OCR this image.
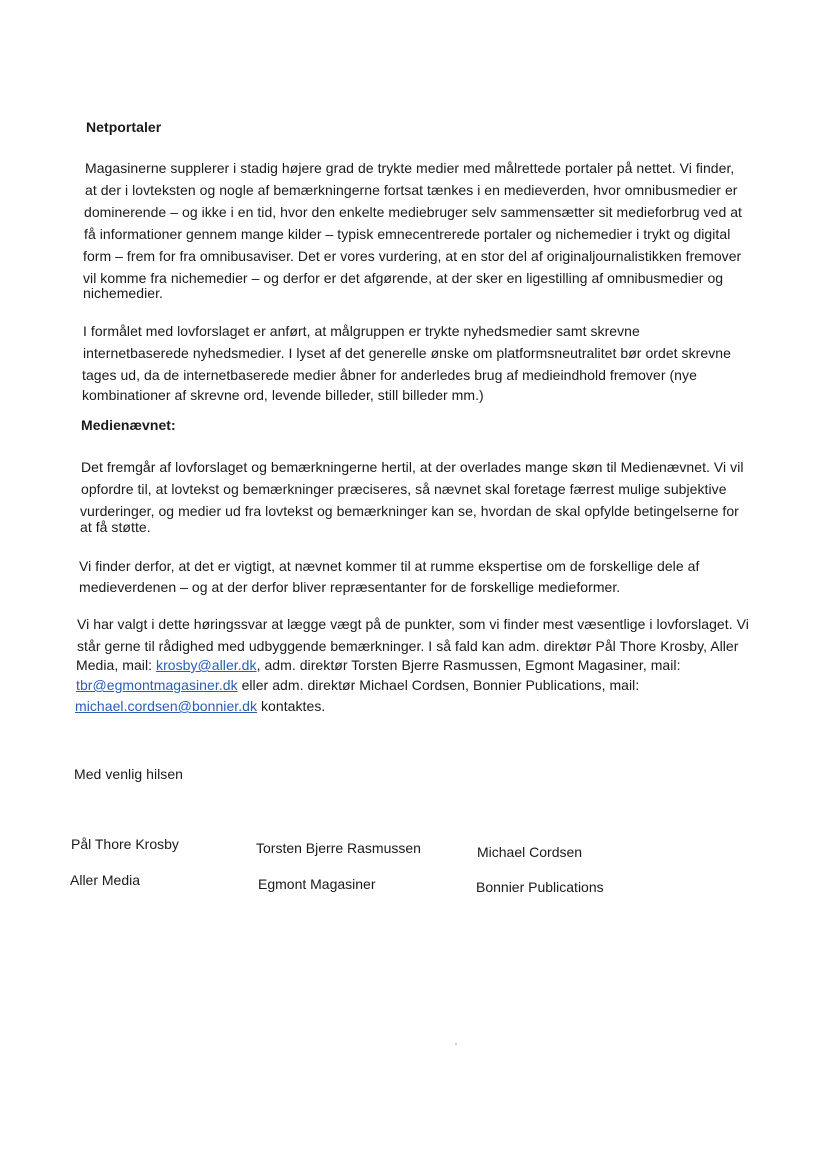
Netportaler
Magasinerne supplerer i stadig højere grad de trykte medier med målrettede portaler på nettet. Vi finder,
at der i lovteksten og nogle af bemærkningerne fortsat tænkes i en medieverden, hvor omnibusmedier er
dominerende – og ikke i en tid, hvor den enkelte mediebruger selv sammensætter sit medieforbrug ved at
få informationer gennem mange kilder – typisk emnecentrerede portaler og nichemedier i trykt og digital
form – frem for fra omnibusaviser. Det er vores vurdering, at en stor del af originaljournalistikken fremover
vil komme fra nichemedier – og derfor er det afgørende, at der sker en ligestilling af omnibusmedier og
nichemedier.
I formålet med lovforslaget er anført, at målgruppen er trykte nyhedsmedier samt skrevne
internetbaserede nyhedsmedier. I lyset af det generelle ønske om platformsneutralitet bør ordet skrevne
tages ud, da de internetbaserede medier åbner for anderledes brug af medieindhold fremover (nye
kombinationer af skrevne ord, levende billeder, still billeder mm.)
Medienævnet:
Det fremgår af lovforslaget og bemærkningerne hertil, at der overlades mange skøn til Medienævnet. Vi vil
opfordre til, at lovtekst og bemærkninger præciseres, så nævnet skal foretage færrest mulige subjektive
vurderinger, og medier ud fra lovtekst og bemærkninger kan se, hvordan de skal opfylde betingelserne for
at få støtte.
Vi finder derfor, at det er vigtigt, at nævnet kommer til at rumme ekspertise om de forskellige dele af
medieverdenen – og at der derfor bliver repræsentanter for de forskellige medieformer.
Vi har valgt i dette høringssvar at lægge vægt på de punkter, som vi finder mest væsentlige i lovforslaget. Vi
står gerne til rådighed med udbyggende bemærkninger. I så fald kan adm. direktør Pål Thore Krosby, Aller
Media, mail: krosby@aller.dk, adm. direktør Torsten Bjerre Rasmussen, Egmont Magasiner, mail:
tbr@egmontmagasiner.dk eller adm. direktør Michael Cordsen, Bonnier Publications, mail:
michael.cordsen@bonnier.dk kontaktes.
Med venlig hilsen
Pål Thore Krosby
Aller Media
Torsten Bjerre Rasmussen
Egmont Magasiner
Michael Cordsen
Bonnier Publications
